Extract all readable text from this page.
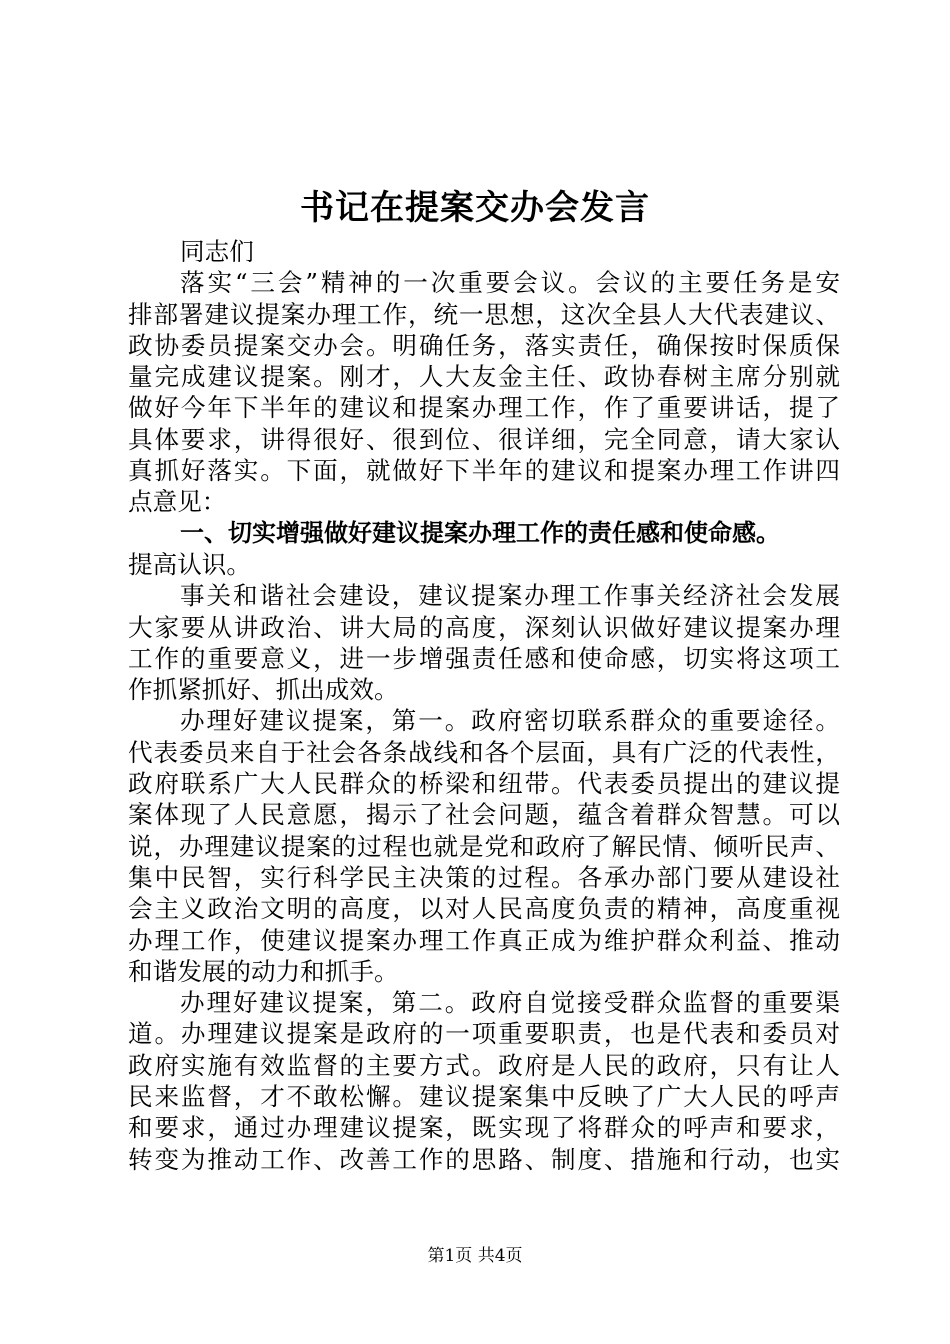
书记在提案交办会发言
同志们
落实“三会”精神的一次重要会议。会议的主要任务是安
排部署建议提案办理工作，统一思想，这次全县人大代表建议、
政协委员提案交办会。明确任务，落实责任，确保按时保质保
量完成建议提案。刚才，人大友金主任、政协春树主席分别就
做好今年下半年的建议和提案办理工作，作了重要讲话，提了
具体要求，讲得很好、很到位、很详细，完全同意，请大家认
真抓好落实。下面，就做好下半年的建议和提案办理工作讲四
点意见：
一、切实增强做好建议提案办理工作的责任感和使命感。
提高认识。
事关和谐社会建设，建议提案办理工作事关经济社会发展
大家要从讲政治、讲大局的高度，深刻认识做好建议提案办理
工作的重要意义，进一步增强责任感和使命感，切实将这项工
作抓紧抓好、抓出成效。
办理好建议提案，第一。政府密切联系群众的重要途径。
代表委员来自于社会各条战线和各个层面，具有广泛的代表性，
政府联系广大人民群众的桥梁和纽带。代表委员提出的建议提
案体现了人民意愿，揭示了社会问题，蕴含着群众智慧。可以
说，办理建议提案的过程也就是党和政府了解民情、倾听民声、
集中民智，实行科学民主决策的过程。各承办部门要从建设社
会主义政治文明的高度，以对人民高度负责的精神，高度重视
办理工作，使建议提案办理工作真正成为维护群众利益、推动
和谐发展的动力和抓手。
办理好建议提案，第二。政府自觉接受群众监督的重要渠
道。办理建议提案是政府的一项重要职责，也是代表和委员对
政府实施有效监督的主要方式。政府是人民的政府，只有让人
民来监督，才不敢松懈。建议提案集中反映了广大人民的呼声
和要求，通过办理建议提案，既实现了将群众的呼声和要求，
转变为推动工作、改善工作的思路、制度、措施和行动，也实
第1页 共4页
